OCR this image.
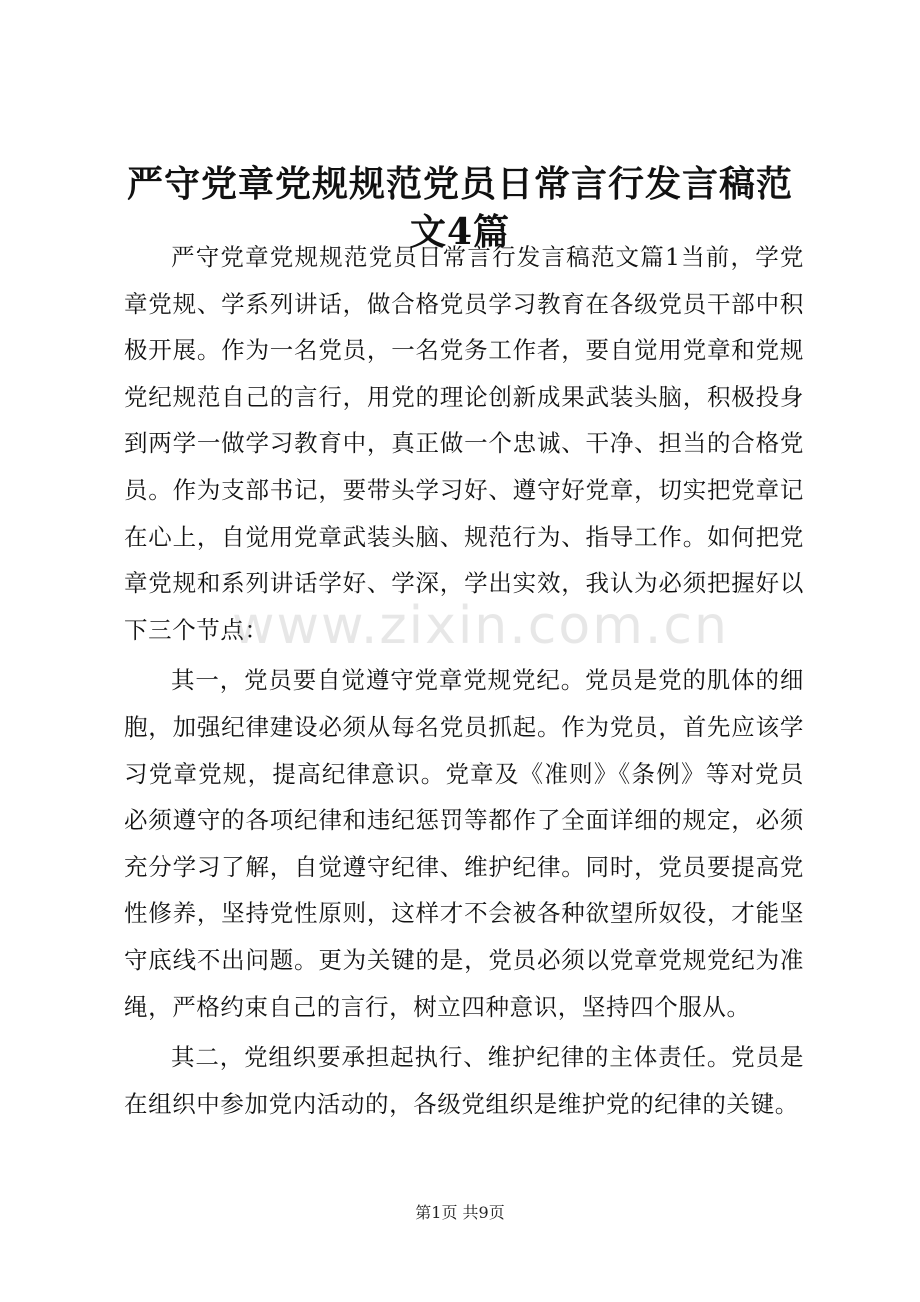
严守党章党规规范党员日常言行发言稿范文4篇

严守党章党规规范党员日常言行发言稿范文篇1当前，学党章党规、学系列讲话，做合格党员学习教育在各级党员干部中积极开展。作为一名党员，一名党务工作者，要自觉用党章和党规党纪规范自己的言行，用党的理论创新成果武装头脑，积极投身到两学一做学习教育中，真正做一个忠诚、干净、担当的合格党员。作为支部书记，要带头学习好、遵守好党章，切实把党章记在心上，自觉用党章武装头脑、规范行为、指导工作。如何把党章党规和系列讲话学好、学深，学出实效，我认为必须把握好以下三个节点：

其一，党员要自觉遵守党章党规党纪。党员是党的肌体的细胞，加强纪律建设必须从每名党员抓起。作为党员，首先应该学习党章党规，提高纪律意识。党章及《准则》《条例》等对党员必须遵守的各项纪律和违纪惩罚等都作了全面详细的规定，必须充分学习了解，自觉遵守纪律、维护纪律。同时，党员要提高党性修养，坚持党性原则，这样才不会被各种欲望所奴役，才能坚守底线不出问题。更为关键的是，党员必须以党章党规党纪为准绳，严格约束自己的言行，树立四种意识，坚持四个服从。

其二，党组织要承担起执行、维护纪律的主体责任。党员是在组织中参加党内活动的，各级党组织是维护党的纪律的关键。

www.zixin.com.cn
第1页 共9页
